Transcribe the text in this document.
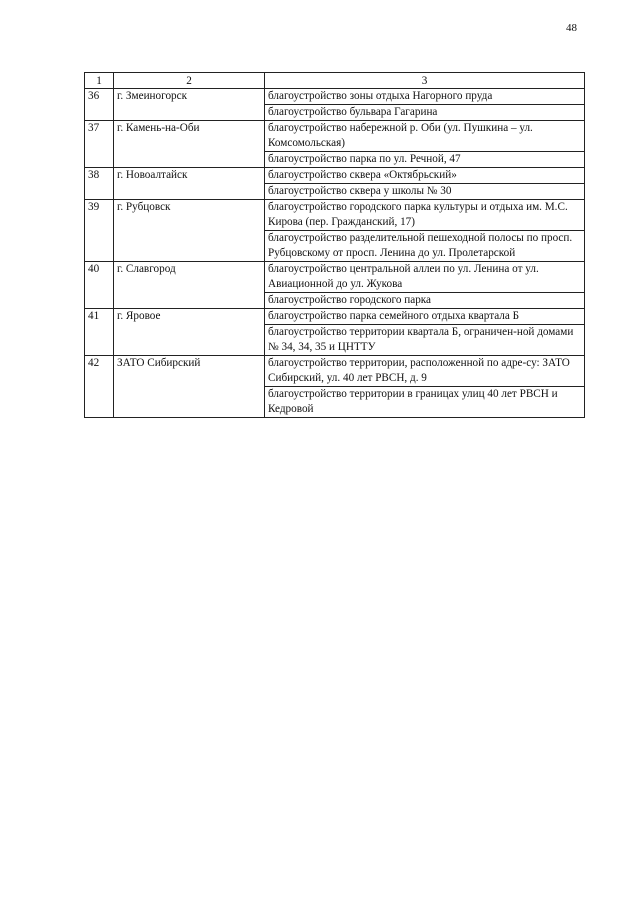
48
1	2	3
36	г. Змеиногорск	благоустройство зоны отдыха Нагорного пруда
		благоустройство бульвара Гагарина
37	г. Камень-на-Оби	благоустройство набережной р. Оби (ул. Пушкина – ул. Комсомольская)
		благоустройство парка по ул. Речной, 47
38	г. Новоалтайск	благоустройство сквера «Октябрьский»
		благоустройство сквера у школы № 30
39	г. Рубцовск	благоустройство городского парка культуры и отдыха им. М.С. Кирова (пер. Гражданский, 17)
		благоустройство разделительной пешеходной полосы по просп. Рубцовскому от просп. Ленина до ул. Пролетарской
40	г. Славгород	благоустройство центральной аллеи по ул. Ленина от ул. Авиационной до ул. Жукова
		благоустройство городского парка
41	г. Яровое	благоустройство парка семейного отдыха квартала Б
		благоустройство территории квартала Б, ограничен-ной домами № 34, 34, 35 и ЦНТТУ
42	ЗАТО Сибирский	благоустройство территории, расположенной по адре-су: ЗАТО Сибирский, ул. 40 лет РВСН, д. 9
		благоустройство территории в границах улиц 40 лет РВСН и Кедровой
